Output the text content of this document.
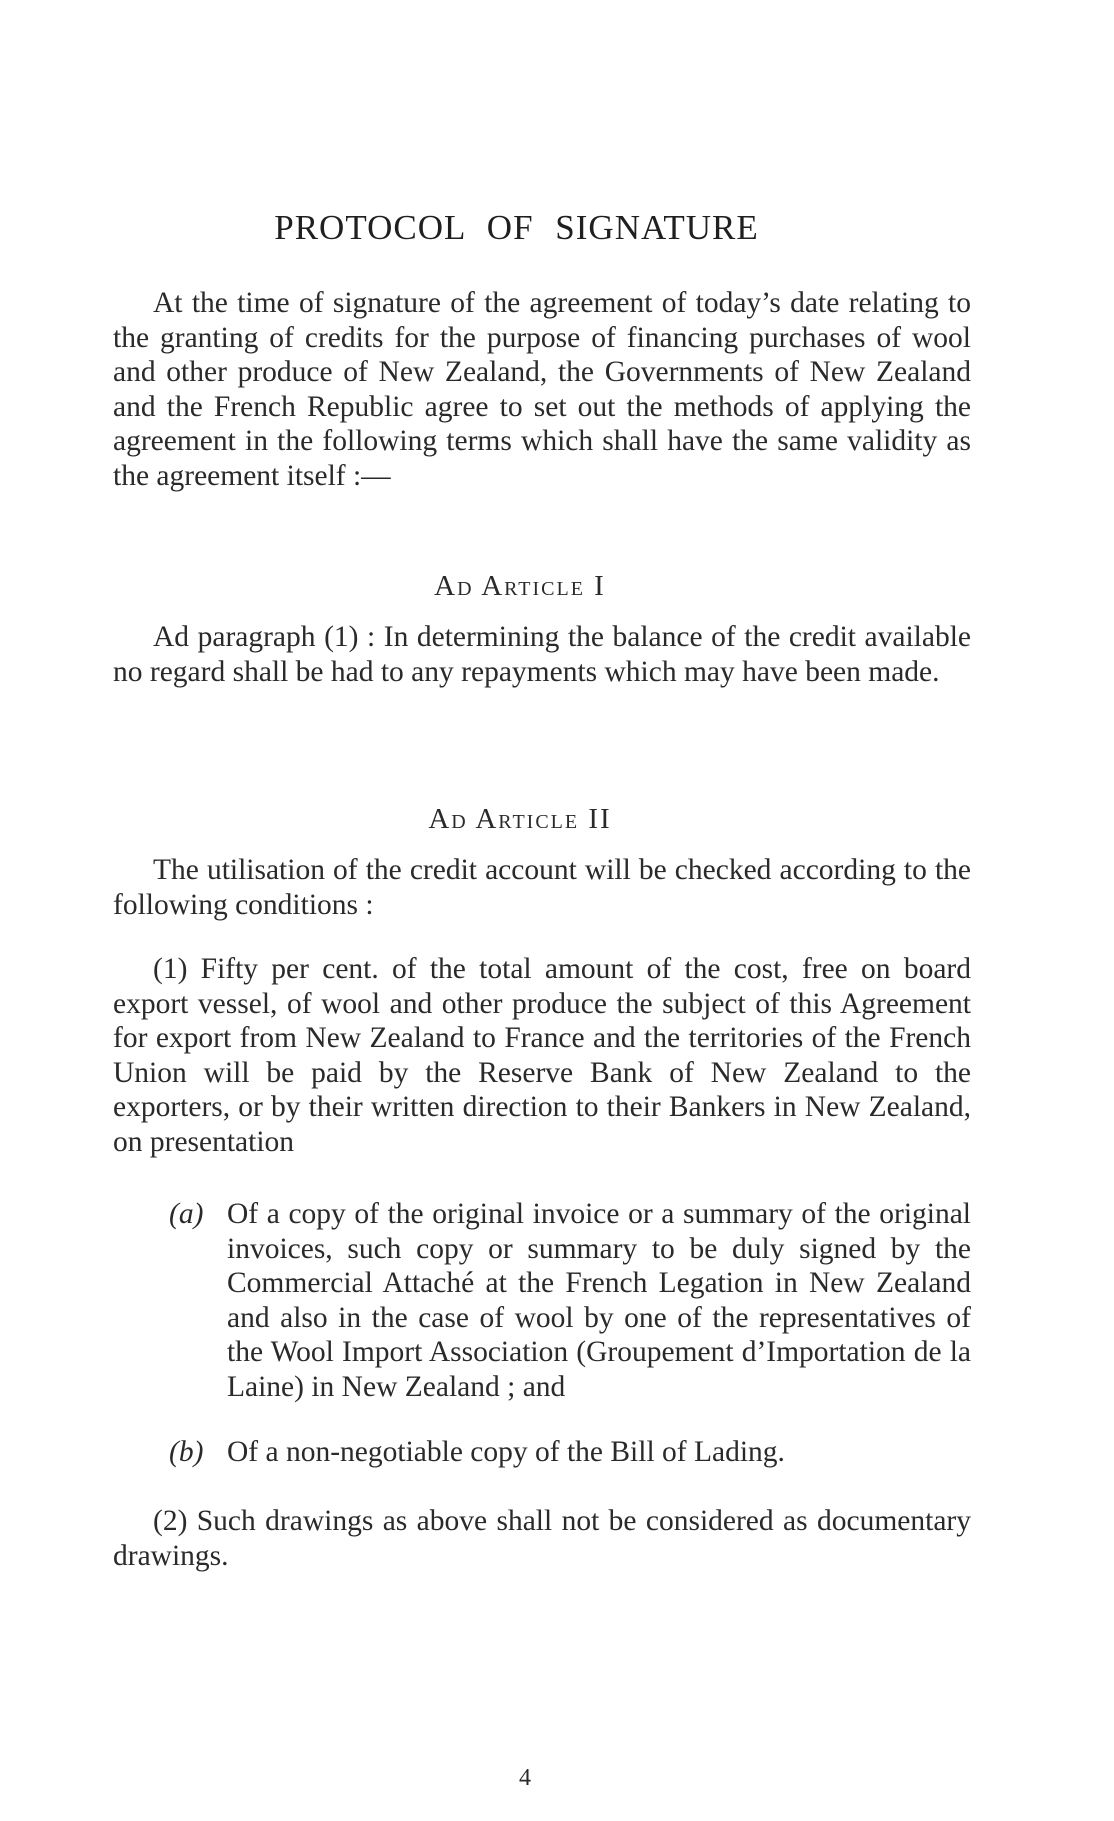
PROTOCOL OF SIGNATURE

At the time of signature of the agreement of today’s date relating to the granting of credits for the purpose of financing purchases of wool and other produce of New Zealand, the Governments of New Zealand and the French Republic agree to set out the methods of applying the agreement in the following terms which shall have the same validity as the agreement itself :—

Ad Article I

Ad paragraph (1) : In determining the balance of the credit available no regard shall be had to any repayments which may have been made.

Ad Article II

The utilisation of the credit account will be checked according to the following conditions :

(1) Fifty per cent. of the total amount of the cost, free on board export vessel, of wool and other produce the subject of this Agreement for export from New Zealand to France and the territories of the French Union will be paid by the Reserve Bank of New Zealand to the exporters, or by their written direction to their Bankers in New Zealand, on presentation

(a) Of a copy of the original invoice or a summary of the original invoices, such copy or summary to be duly signed by the Commercial Attaché at the French Legation in New Zealand and also in the case of wool by one of the representatives of the Wool Import Association (Groupement d’Importation de la Laine) in New Zealand ; and

(b) Of a non-negotiable copy of the Bill of Lading.

(2) Such drawings as above shall not be considered as documentary drawings.

4
